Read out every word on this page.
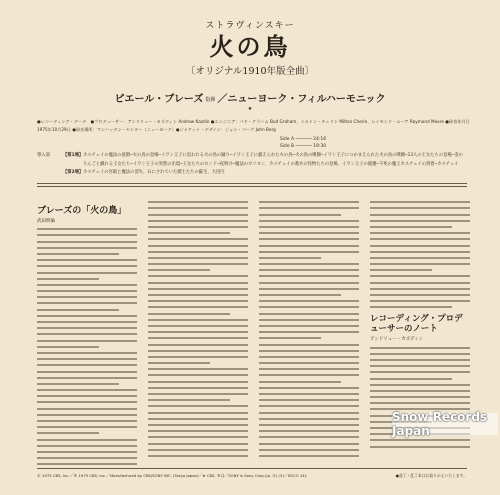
ストラヴィンスキー
火の鳥
〔オリジナル1910年版全曲〕
ピエール・ブレーズ 指揮 ／ニューヨーク・フィルハーモニック
★
●レコーディング・データ　●プロデューサー：アンドリュー・カズディン Andrew Kazdin ●エンジニア：バド・グラハム Bud Graham、ミルトン・チェリン Milton Cherin、レイモンド・ムーア Raymond Moore ●録音年月日
1975年10月29日 ●録音場所：マンハッタン・センター（ニューヨーク）●ジャケット・デザイン：ジョン・バーグ John Berg
Side A ────── 24:16
Side B ────── 19:30
導入部	【第1場】 カスチェイの魔法の庭園─火の鳥の登場─イワン王子に追われる火の鳥の踊り─イワン王子に捕えられた火の鳥─火の鳥の嘆願─イワン王子につかまえられた火の鳥の嘆願─13人の王女たちの登場─金の
りんごと戯れる王女たち─イワン王子の突然の出現─王女たちのロンド─夜明け─魔法のカリヨン、カスチェイの番兵の怪物たちの登場、イワン王子の捕獲─不死の魔王カスチェイの到着─カスチェイ
【第2場】 カスチェイの宮殿と魔法の消失、石にされていた騎士たちの蘇生、大団円
ブレーズの「火の鳥」
武田明倫
レコーディング・プロデューサーのノート
アンドリュー・カズディン
© 1975 CBS, Inc.／® 1975 CBS, Inc.／Manufactured by CBS/SONY INC. (Tokyo Japan)／★ CBS, ®は／SONY is Sony Corp.(Ja. ②) (3)／SOCO 141	●落丁・乱丁本はお取りかえいたします。
Snow Records Japan
